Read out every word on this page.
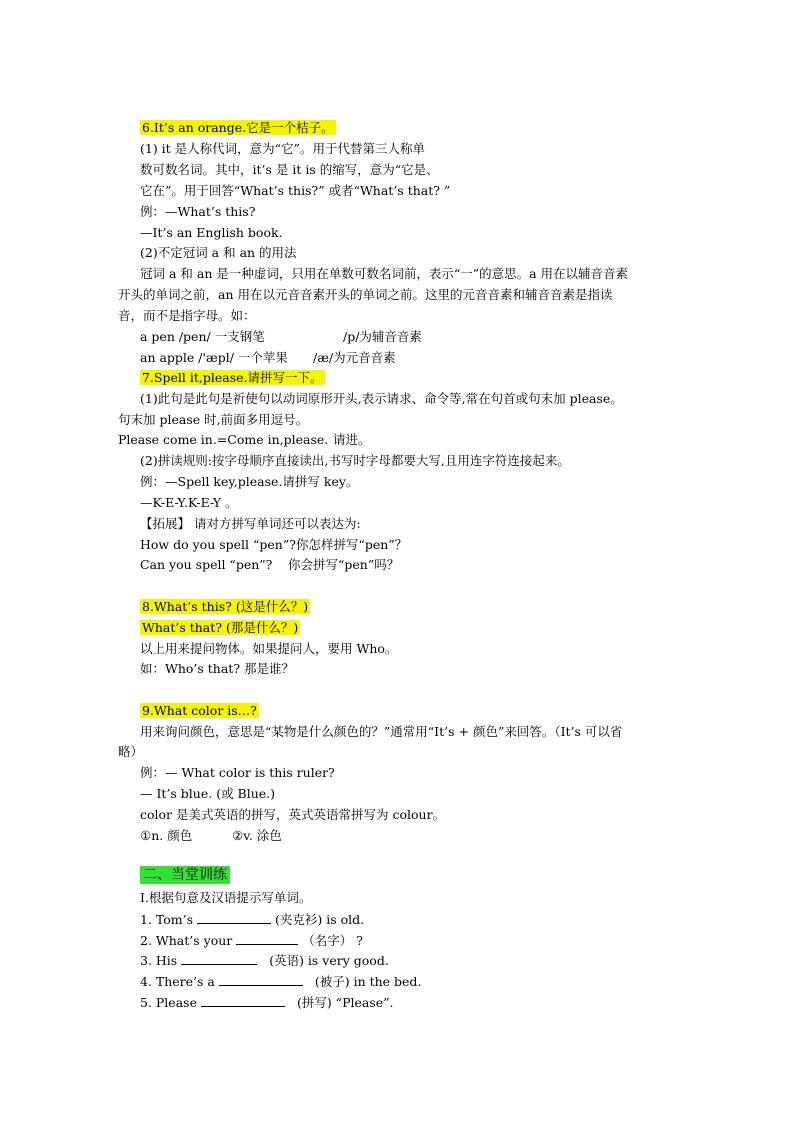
6.It’s an orange.它是一个桔子。
(1) it 是人称代词，意为“它”。用于代替第三人称单
数可数名词。其中，it’s 是 it is 的缩写，意为“它是、
它在”。用于回答“What’s this?” 或者“What’s that? ”
例：—What’s this?
—It’s an English book.
(2)不定冠词 a 和 an 的用法
冠词 a 和 an 是一种虚词，只用在单数可数名词前，表示“一”的意思。a 用在以辅音音素
开头的单词之前，an 用在以元音音素开头的单词之前。这里的元音音素和辅音音素是指读
音，而不是指字母。如：
a pen /pen/ 一支钢笔	/p/为辅音音素
an apple /'æpl/ 一个苹果 /æ/为元音音素
7.Spell it,please.请拼写一下。
(1)此句是此句是祈使句以动词原形开头,表示请求、命令等,常在句首或句末加 please。
句末加 please 时,前面多用逗号。
Please come in.=Come in,please. 请进。
(2)拼读规则:按字母顺序直接读出,书写时字母都要大写,且用连字符连接起来。
例：—Spell key,please.请拼写 key。
—K-E-Y.K-E-Y 。
【拓展】 请对方拼写单词还可以表达为:
How do you spell “pen”? 你怎样拼写“pen”？
Can you spell “pen”? 你会拼写“pen”吗？
8.What’s this? (这是什么？)
What’s that? (那是什么？)
以上用来提问物体。如果提问人，要用 Who。
如：Who’s that? 那是谁？
9.What color is…?
用来询问颜色，意思是“某物是什么颜色的？”通常用“It’s + 颜色”来回答。（It’s 可以省
略）
例：— What color is this ruler?
— It’s blue. (或 Blue.)
color 是美式英语的拼写，英式英语常拼写为 colour。
①n. 颜色	②v. 涂色
二、当堂训练
I.根据句意及汉语提示写单词。
1. Tom’s	(夹克衫) is old.
2. What’s your	（名字） ?
3. His	(英语) is very good.
4. There’s a	(被子) in the bed.
5. Please	(拼写) “Please”.
